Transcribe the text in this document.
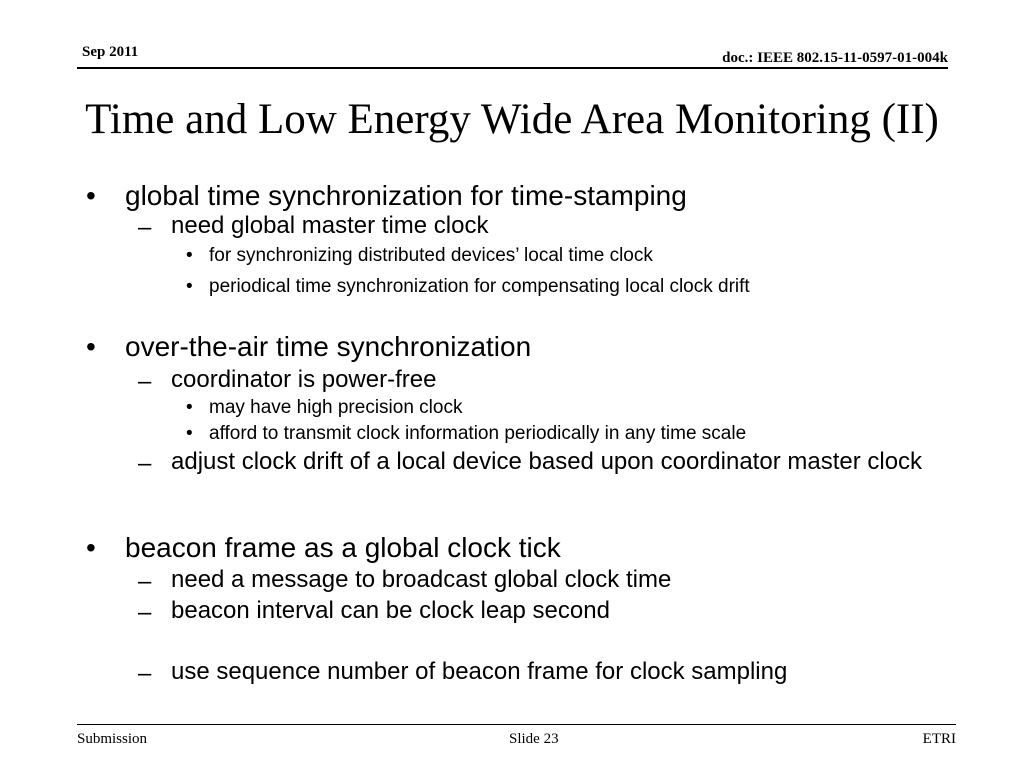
Sep 2011	doc.: IEEE 802.15-11-0597-01-004k
Time and Low Energy Wide Area Monitoring (II)
• global time synchronization for time-stamping
– need global master time clock
• for synchronizing distributed devices’ local time clock
• periodical time synchronization for compensating local clock drift
• over-the-air time synchronization
– coordinator is power-free
• may have high precision clock
• afford to transmit clock information periodically in any time scale
– adjust clock drift of a local device based upon coordinator master clock
• beacon frame as a global clock tick
– need a message to broadcast global clock time
– beacon interval can be clock leap second
– use sequence number of beacon frame for clock sampling
Submission	Slide 23	ETRI
